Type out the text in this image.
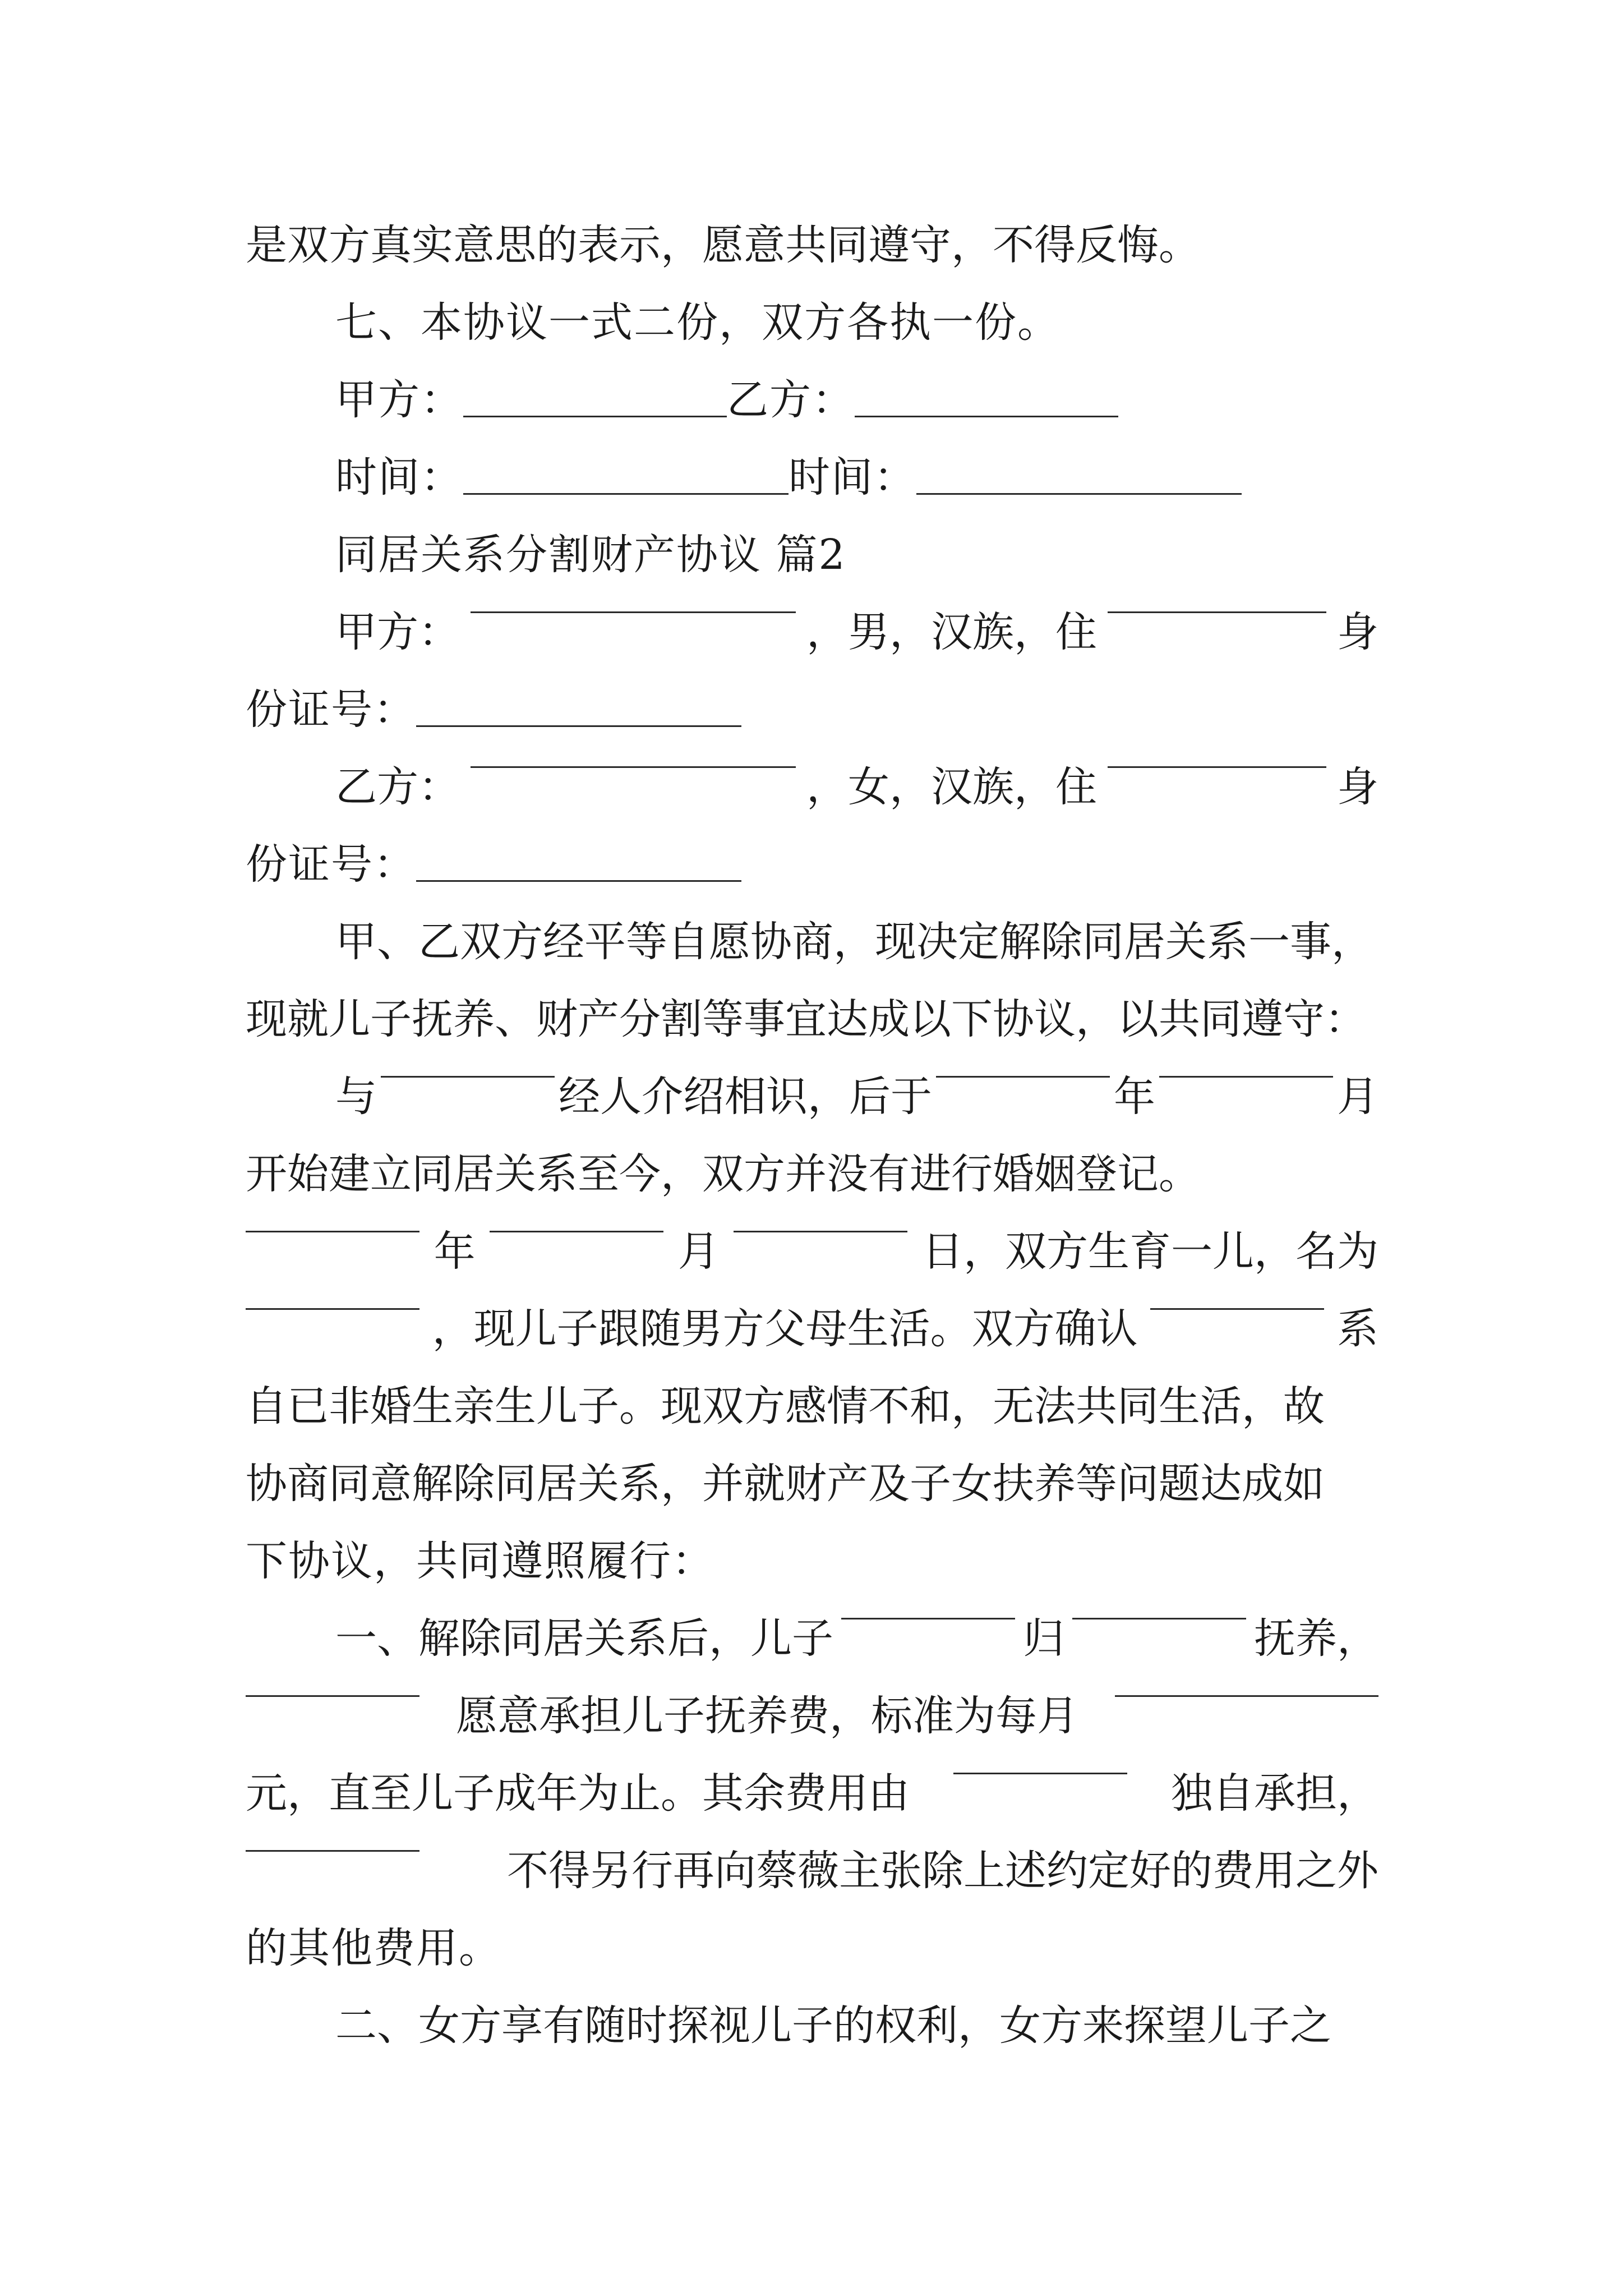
是双方真实意思的表示，愿意共同遵守，不得反悔。
七、本协议一式二份，双方各执一份。
甲方：	乙方：
时间：	时间：
同居关系分割财产协议 篇2
甲方：	，男，汉族，住	身
份证号：
乙方：	，女，汉族，住	身
份证号：
甲、乙双方经平等自愿协商，现决定解除同居关系一事，
现就儿子抚养、财产分割等事宜达成以下协议，以共同遵守：
与	经人介绍相识，后于	年	月
开始建立同居关系至今，双方并没有进行婚姻登记。
年	月	日，双方生育一儿，名为
，现儿子跟随男方父母生活。双方确认	系
自已非婚生亲生儿子。现双方感情不和，无法共同生活，故
协商同意解除同居关系，并就财产及子女扶养等问题达成如
下协议，共同遵照履行：
一、解除同居关系后，儿子	归	抚养，
愿意承担儿子抚养费，标准为每月
元，直至儿子成年为止。其余费用由	独自承担，
不得另行再向蔡薇主张除上述约定好的费用之外
的其他费用。
二、女方享有随时探视儿子的权利，女方来探望儿子之
